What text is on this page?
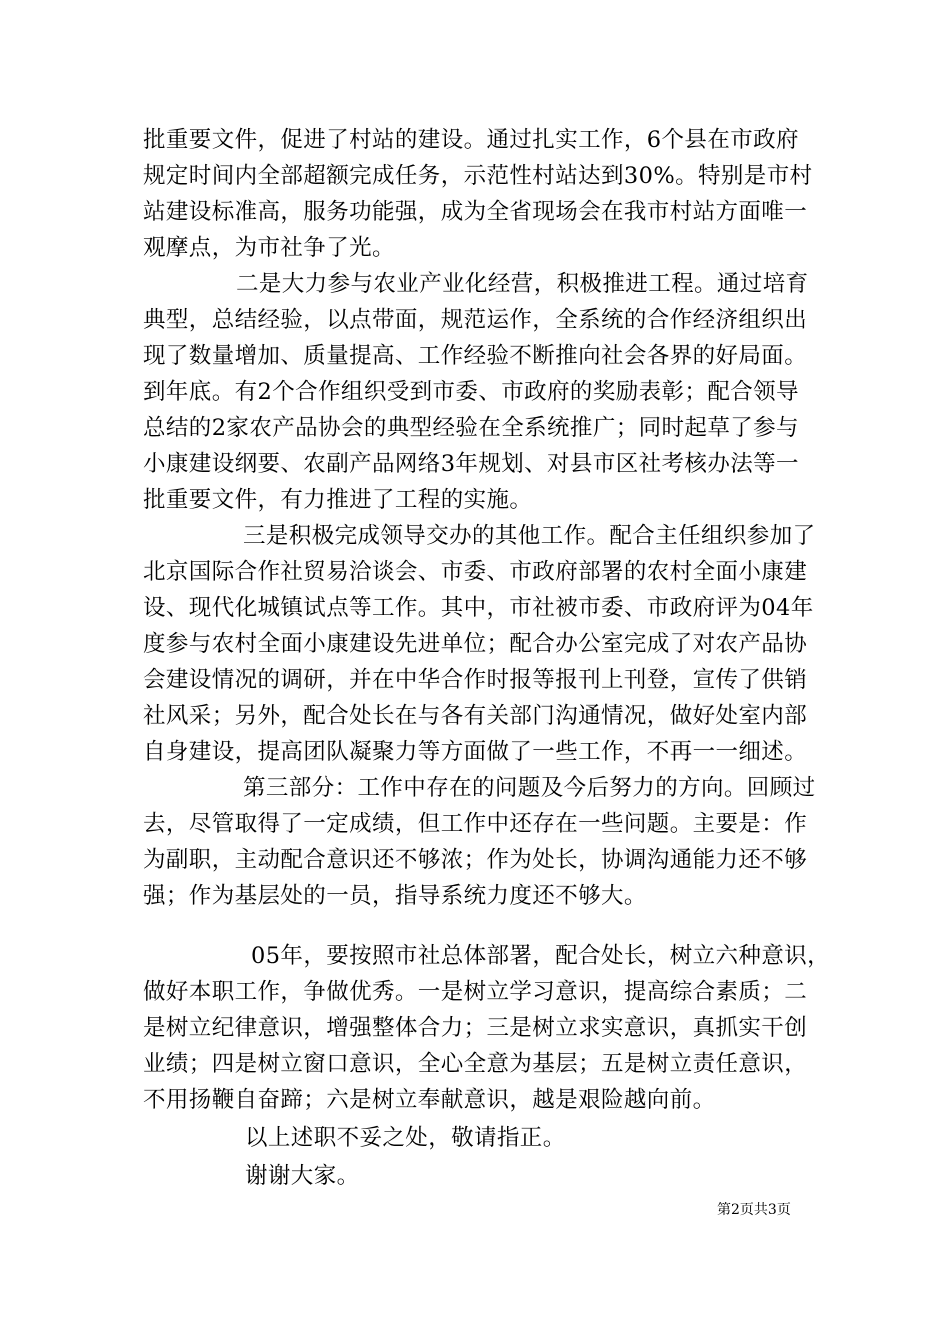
批重要文件，促进了村站的建设。通过扎实工作，6个县在市政府
规定时间内全部超额完成任务，示范性村站达到30%。特别是市村
站建设标准高，服务功能强，成为全省现场会在我市村站方面唯一
观摩点，为市社争了光。
二是大力参与农业产业化经营，积极推进工程。通过培育
典型，总结经验，以点带面，规范运作，全系统的合作经济组织出
现了数量增加、质量提高、工作经验不断推向社会各界的好局面。
到年底。有2个合作组织受到市委、市政府的奖励表彰；配合领导
总结的2家农产品协会的典型经验在全系统推广；同时起草了参与
小康建设纲要、农副产品网络3年规划、对县市区社考核办法等一
批重要文件，有力推进了工程的实施。
三是积极完成领导交办的其他工作。配合主任组织参加了
北京国际合作社贸易洽谈会、市委、市政府部署的农村全面小康建
设、现代化城镇试点等工作。其中，市社被市委、市政府评为04年
度参与农村全面小康建设先进单位；配合办公室完成了对农产品协
会建设情况的调研，并在中华合作时报等报刊上刊登，宣传了供销
社风采；另外，配合处长在与各有关部门沟通情况，做好处室内部
自身建设，提高团队凝聚力等方面做了一些工作，不再一一细述。
第三部分：工作中存在的问题及今后努力的方向。回顾过
去，尽管取得了一定成绩，但工作中还存在一些问题。主要是：作
为副职，主动配合意识还不够浓；作为处长，协调沟通能力还不够
强；作为基层处的一员，指导系统力度还不够大。
05年，要按照市社总体部署，配合处长，树立六种意识，
做好本职工作，争做优秀。一是树立学习意识，提高综合素质；二
是树立纪律意识，增强整体合力；三是树立求实意识，真抓实干创
业绩；四是树立窗口意识，全心全意为基层；五是树立责任意识，
不用扬鞭自奋蹄；六是树立奉献意识，越是艰险越向前。
以上述职不妥之处，敬请指正。
谢谢大家。
第2页共3页
